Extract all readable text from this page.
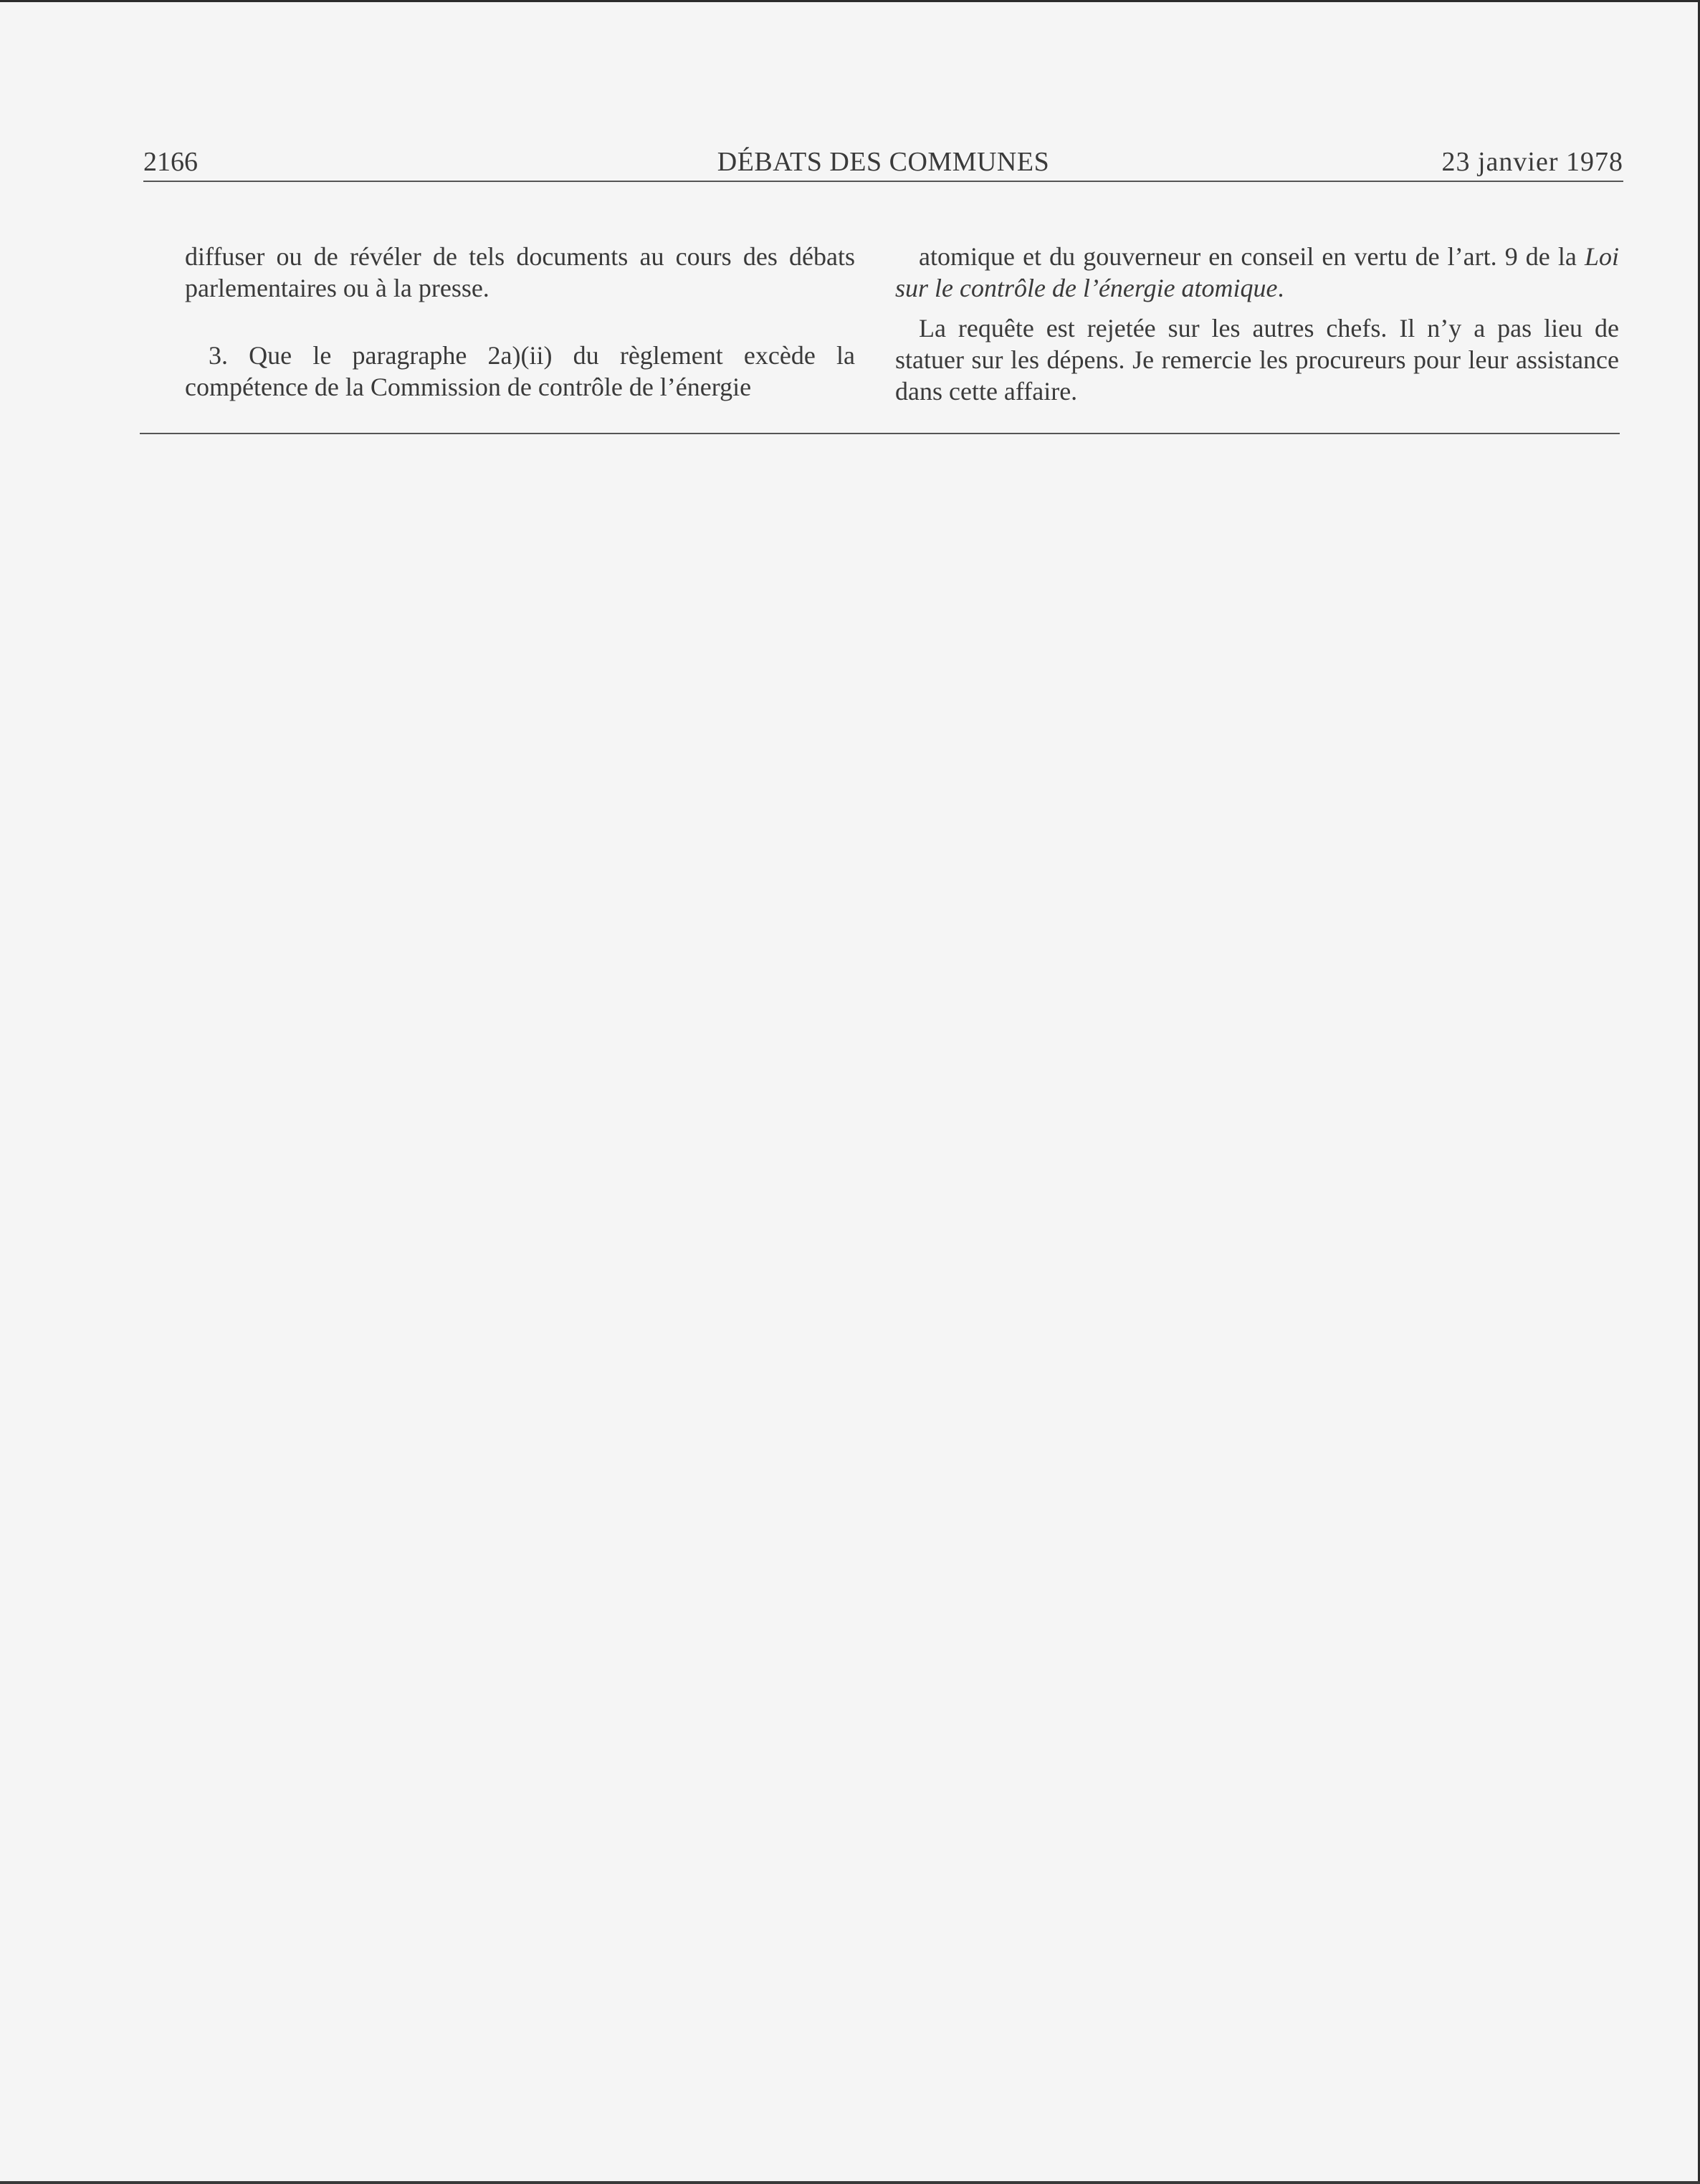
2166	DÉBATS DES COMMUNES	23 janvier 1978

diffuser ou de révéler de tels documents au cours des débats parlementaires ou à la presse.

3. Que le paragraphe 2a)(ii) du règlement excède la compétence de la Commission de contrôle de l’énergie

atomique et du gouverneur en conseil en vertu de l’art. 9 de la Loi sur le contrôle de l’énergie atomique.

La requête est rejetée sur les autres chefs. Il n’y a pas lieu de statuer sur les dépens. Je remercie les procureurs pour leur assistance dans cette affaire.
